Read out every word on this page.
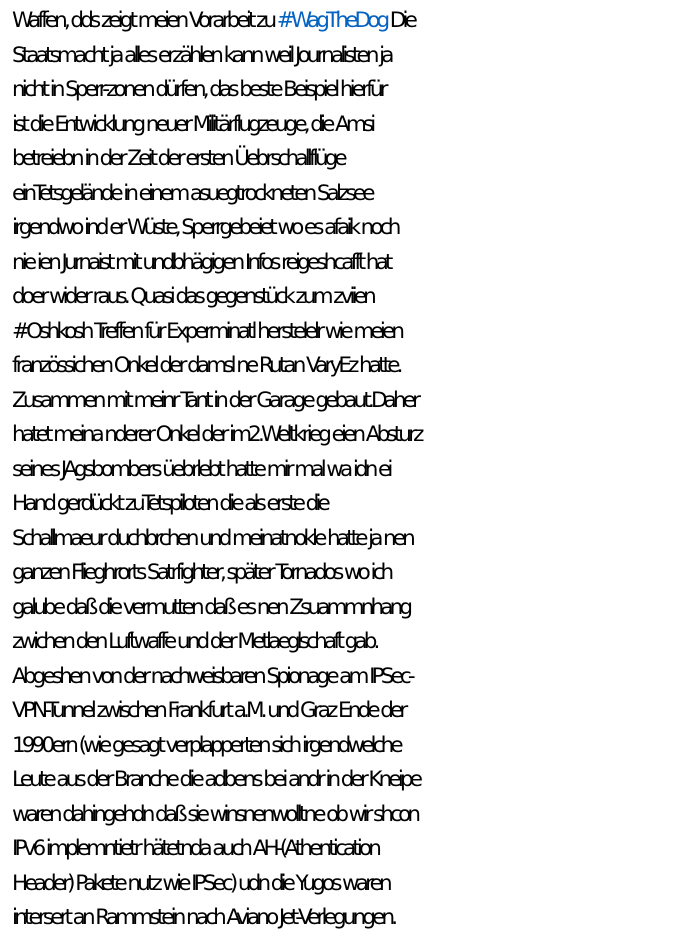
Waffen, dds zeigt meien Vorarbeit zu #WagTheDog Die
Staatsmacht ja alles erzählen kann weil Journalisten ja
nicht in Sperr-zonen dürfen, das beste Beispiel hierfür
ist die Entwicklung neuer Militärflugzeuge, die Amsi
betreiebn in der Zeit der ersten Üebrschallflüge
einTetsgelände in einem asuegtrockneten Salzsee
irgendwo ind er Wüste, Sperrgebeiet wo es afaik noch
nie ien Jurnaist mit undbhägigen Infos reigeshcafft hat
doer wider raus. Quasi das gegenstück zum zviien
#Oshkosh Treffen für Experminatl herstelelr wie meien
französsichen Onkel der damsl ne Rutan VaryEz hatte.
Zusammen mit meinr Tant in der Garage gebaut.Daher
hatet meina nderer Onkel der im2.Weltkrieg eien Absturz
seines JAgsbombers üebrlebt hatte mir mal wa idn ei
Hand gerdückt zuTetspiloten die als erste die
Schallmaeur duchbrchen und meinatnokle hatte ja nen
ganzen Flieghrorts Satrfighter, später Tornados wo ich
galube daß die vermutten daß es nen Zsuammnhang
zwichen den Luftwaffe und der Metlaeglschaft gab.
Abgeshen von der nachweisbaren Spionage am IPSec-
VPN-Tunnel zwischen Frankfurt a.M. und Graz Ende der
1990ern (wie gesagt verplapperten sich irgendwelche
Leute aus der Branche die adbens bei andr in der Kneipe
waren dahingehdn daß sie winsnenwolltne ob wir shcon
IPv6 implemntietr hätetnda auch AH-(Athentication
Header) Pakete nutz wie IPSec) udn die Yugos waren
intersert an Rammstein nach Aviano Jet-Verlegungen.
